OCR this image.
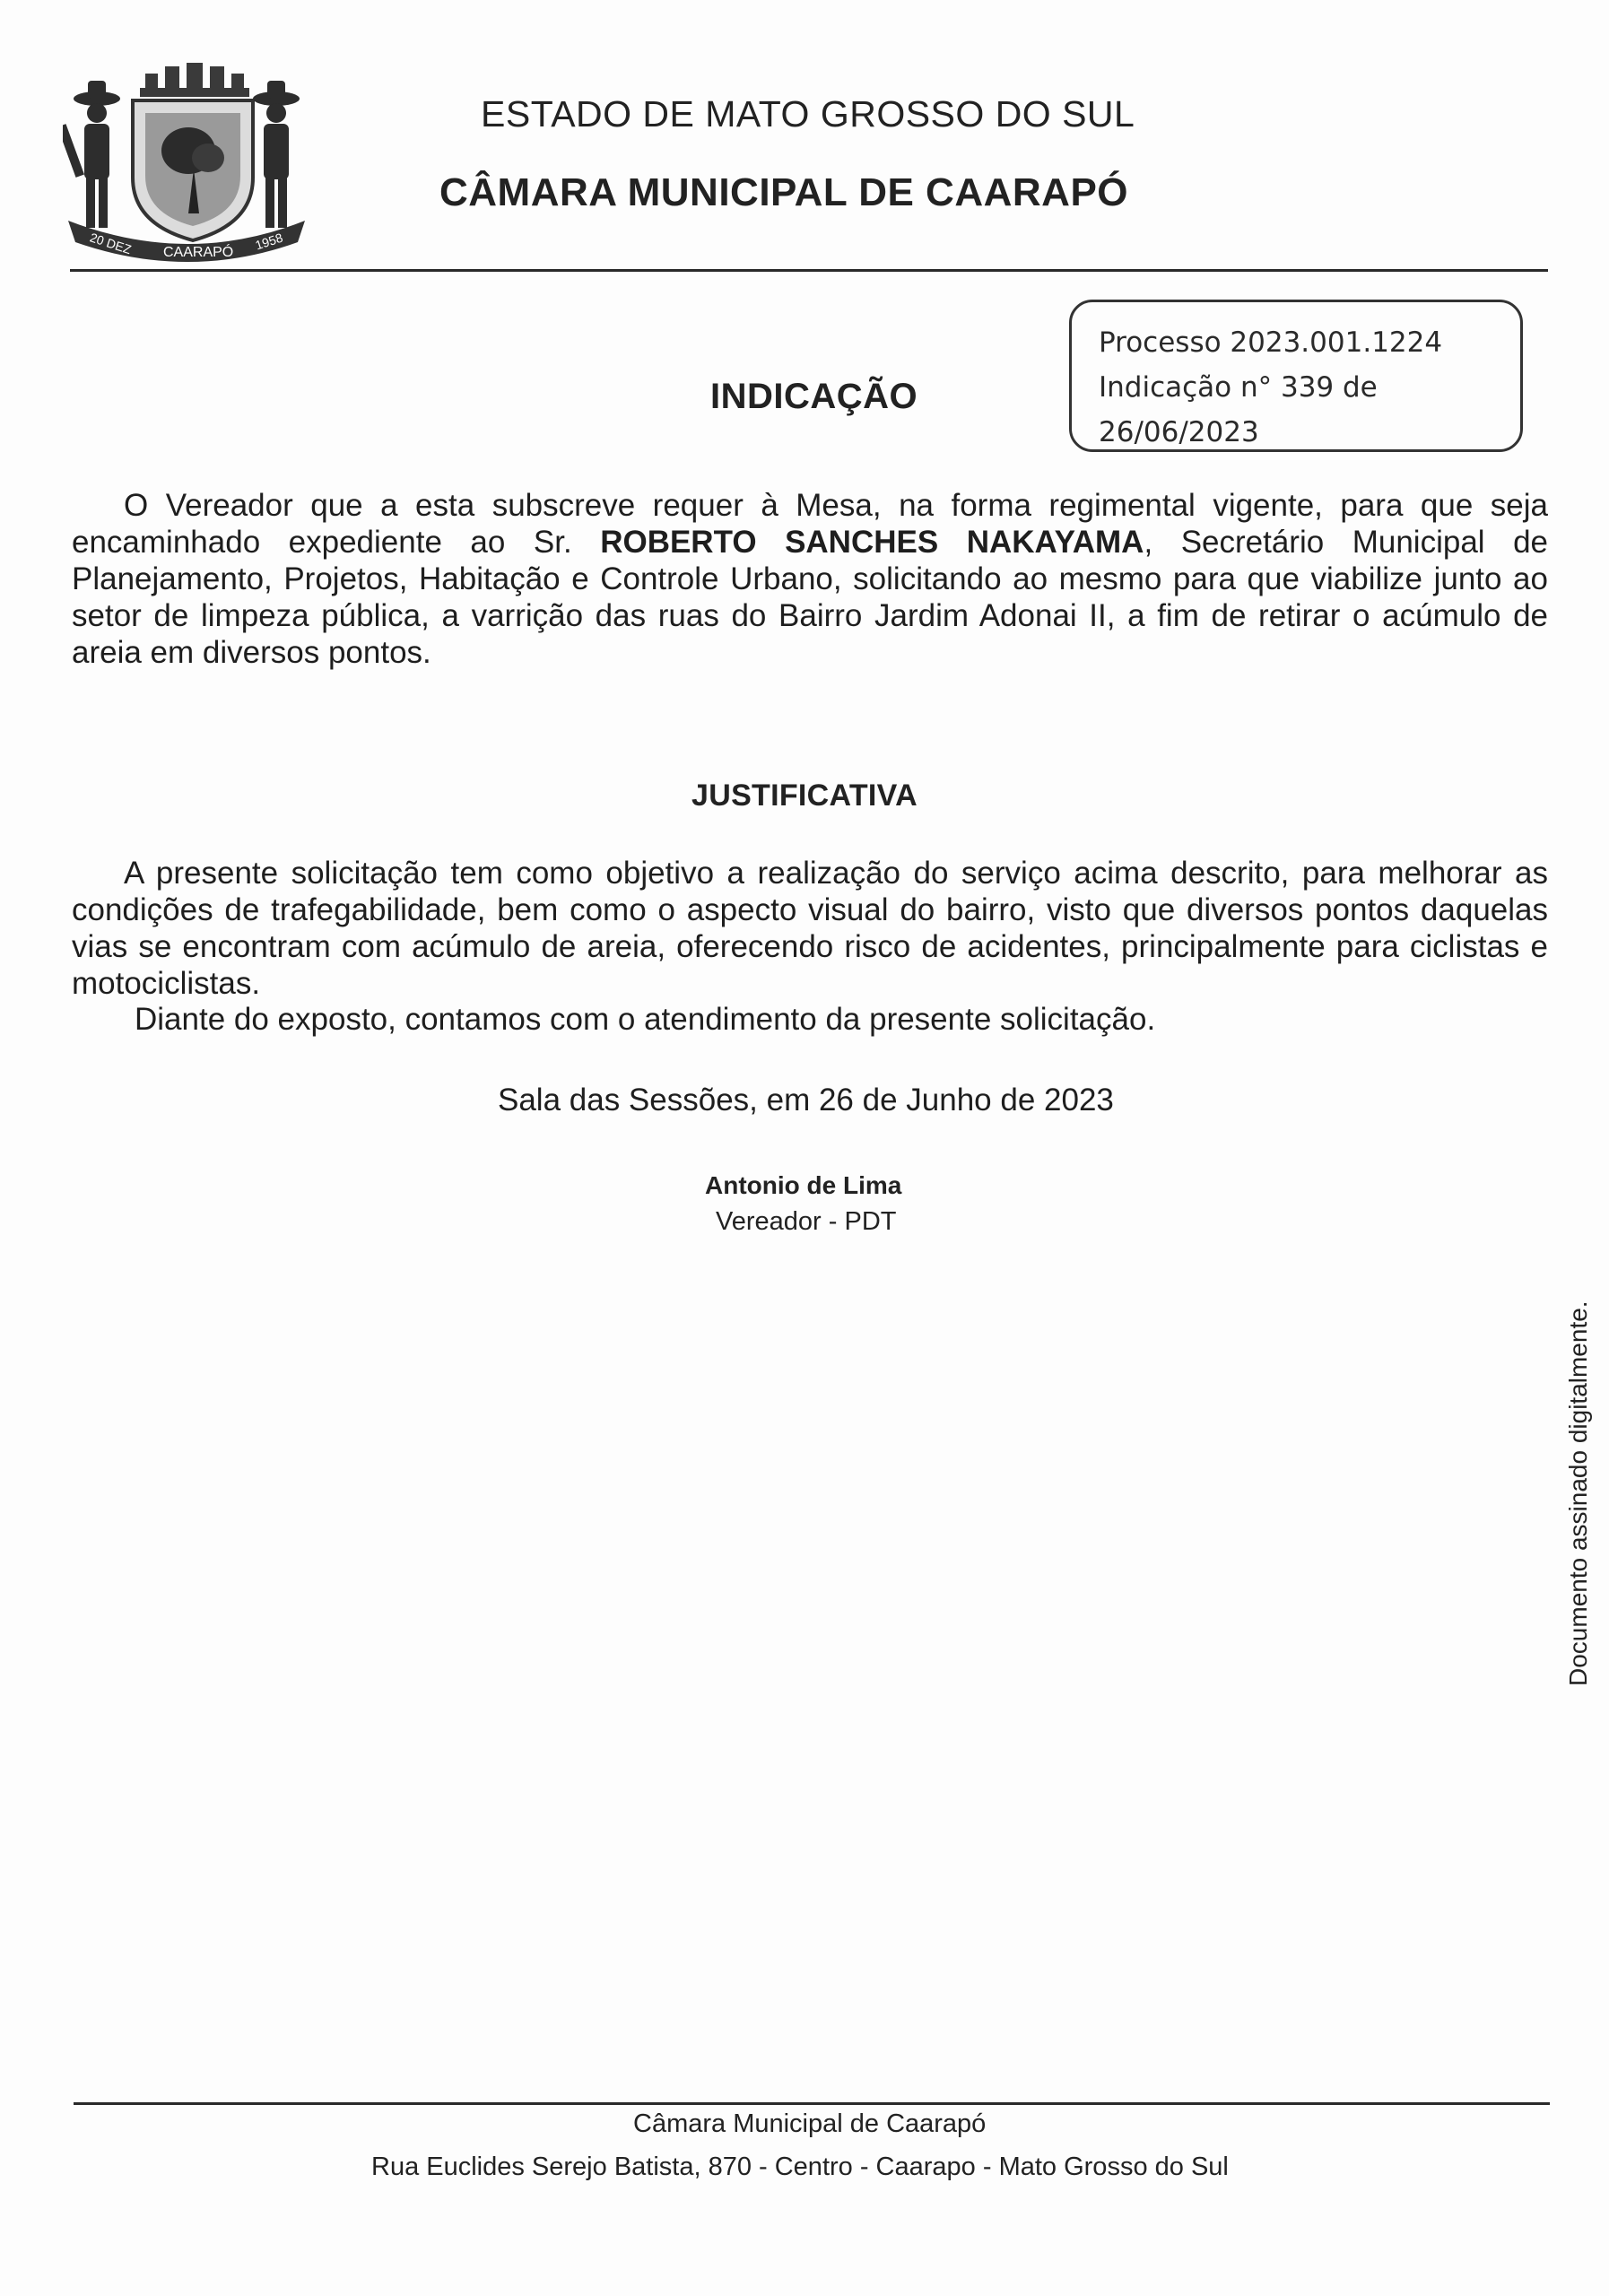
20 DEZ CAARAPÓ 1958
ESTADO DE MATO GROSSO DO SUL
CÂMARA MUNICIPAL DE CAARAPÓ
Processo 2023.001.1224
Indicação n° 339 de
26/06/2023
INDICAÇÃO
O Vereador que a esta subscreve requer à Mesa, na forma regimental vigente, para que seja encaminhado expediente ao Sr. ROBERTO SANCHES NAKAYAMA, Secretário Municipal de Planejamento, Projetos, Habitação e Controle Urbano, solicitando ao mesmo para que viabilize junto ao setor de limpeza pública, a varrição das ruas do Bairro Jardim Adonai II, a fim de retirar o acúmulo de areia em diversos pontos.
JUSTIFICATIVA
A presente solicitação tem como objetivo a realização do serviço acima descrito, para melhorar as condições de trafegabilidade, bem como o aspecto visual do bairro, visto que diversos pontos daquelas vias se encontram com acúmulo de areia, oferecendo risco de acidentes, principalmente para ciclistas e motociclistas.
Diante do exposto, contamos com o atendimento da presente solicitação.
Sala das Sessões, em 26 de Junho de 2023
Antonio de Lima
Vereador - PDT
Documento assinado digitalmente.
Câmara Municipal de Caarapó
Rua Euclides Serejo Batista, 870 - Centro - Caarapo - Mato Grosso do Sul
